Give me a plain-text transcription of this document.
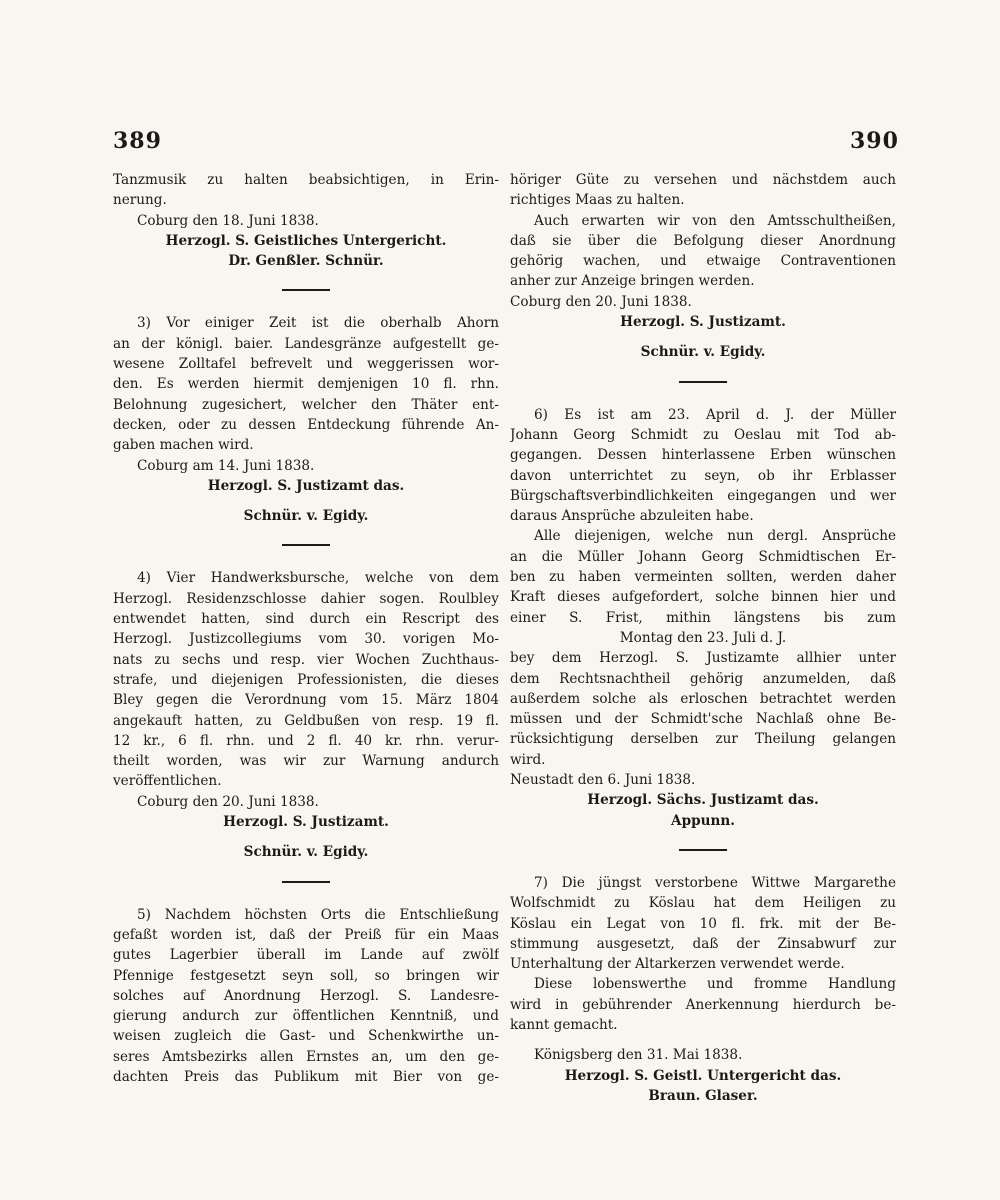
389	390
Tanzmusik zu halten beabsichtigen, in Erin-
nerung.
Coburg den 18. Juni 1838.
Herzogl. S. Geistliches Untergericht.
Dr. Genßler. Schnür.
3) Vor einiger Zeit ist die oberhalb Ahorn
an der königl. baier. Landesgränze aufgestellt ge-
wesene Zolltafel befrevelt und weggerissen wor-
den. Es werden hiermit demjenigen 10 fl. rhn.
Belohnung zugesichert, welcher den Thäter ent-
decken, oder zu dessen Entdeckung führende An-
gaben machen wird.
Coburg am 14. Juni 1838.
Herzogl. S. Justizamt das.
Schnür. v. Egidy.
4) Vier Handwerksbursche, welche von dem
Herzogl. Residenzschlosse dahier sogen. Roulbley
entwendet hatten, sind durch ein Rescript des
Herzogl. Justizcollegiums vom 30. vorigen Mo-
nats zu sechs und resp. vier Wochen Zuchthaus-
strafe, und diejenigen Professionisten, die dieses
Bley gegen die Verordnung vom 15. März 1804
angekauft hatten, zu Geldbußen von resp. 19 fl.
12 kr., 6 fl. rhn. und 2 fl. 40 kr. rhn. verur-
theilt worden, was wir zur Warnung andurch
veröffentlichen.
Coburg den 20. Juni 1838.
Herzogl. S. Justizamt.
Schnür. v. Egidy.
5) Nachdem höchsten Orts die Entschließung
gefaßt worden ist, daß der Preiß für ein Maas
gutes Lagerbier überall im Lande auf zwölf
Pfennige festgesetzt seyn soll, so bringen wir
solches auf Anordnung Herzogl. S. Landesre-
gierung andurch zur öffentlichen Kenntniß, und
weisen zugleich die Gast- und Schenkwirthe un-
seres Amtsbezirks allen Ernstes an, um den ge-
dachten Preis das Publikum mit Bier von ge-
höriger Güte zu versehen und nächstdem auch
richtiges Maas zu halten.
Auch erwarten wir von den Amtsschultheißen,
daß sie über die Befolgung dieser Anordnung
gehörig wachen, und etwaige Contraventionen
anher zur Anzeige bringen werden.
Coburg den 20. Juni 1838.
Herzogl. S. Justizamt.
Schnür. v. Egidy.
6) Es ist am 23. April d. J. der Müller
Johann Georg Schmidt zu Oeslau mit Tod ab-
gegangen. Dessen hinterlassene Erben wünschen
davon unterrichtet zu seyn, ob ihr Erblasser
Bürgschaftsverbindlichkeiten eingegangen und wer
daraus Ansprüche abzuleiten habe.
Alle diejenigen, welche nun dergl. Ansprüche
an die Müller Johann Georg Schmidtischen Er-
ben zu haben vermeinten sollten, werden daher
Kraft dieses aufgefordert, solche binnen hier und
einer S. Frist, mithin längstens bis zum
Montag den 23. Juli d. J.
bey dem Herzogl. S. Justizamte allhier unter
dem Rechtsnachtheil gehörig anzumelden, daß
außerdem solche als erloschen betrachtet werden
müssen und der Schmidt'sche Nachlaß ohne Be-
rücksichtigung derselben zur Theilung gelangen
wird.
Neustadt den 6. Juni 1838.
Herzogl. Sächs. Justizamt das.
Appunn.
7) Die jüngst verstorbene Wittwe Margarethe
Wolfschmidt zu Köslau hat dem Heiligen zu
Köslau ein Legat von 10 fl. frk. mit der Be-
stimmung ausgesetzt, daß der Zinsabwurf zur
Unterhaltung der Altarkerzen verwendet werde.
Diese lobenswerthe und fromme Handlung
wird in gebührender Anerkennung hierdurch be-
kannt gemacht.
Königsberg den 31. Mai 1838.
Herzogl. S. Geistl. Untergericht das.
Braun. Glaser.
